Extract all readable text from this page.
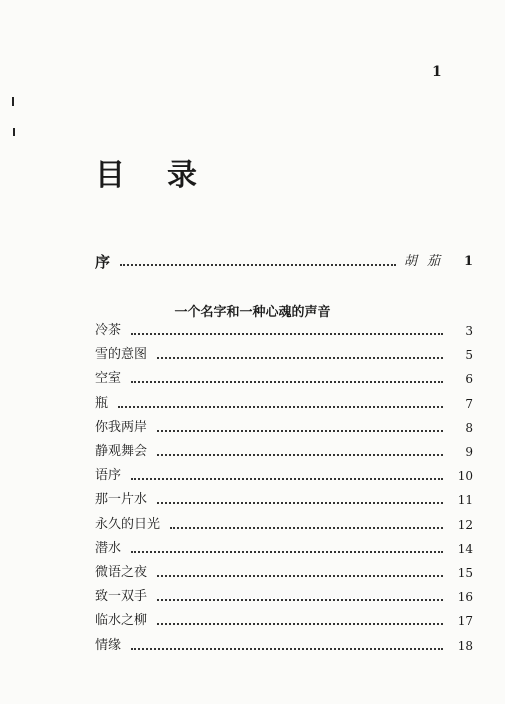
1
目 录
序	胡 茄	1
一个名字和一种心魂的声音
冷茶	3
雪的意图	5
空室	6
瓶	7
你我两岸	8
静观舞会	9
语序	10
那一片水	11
永久的日光	12
潜水	14
微语之夜	15
致一双手	16
临水之柳	17
情缘	18
